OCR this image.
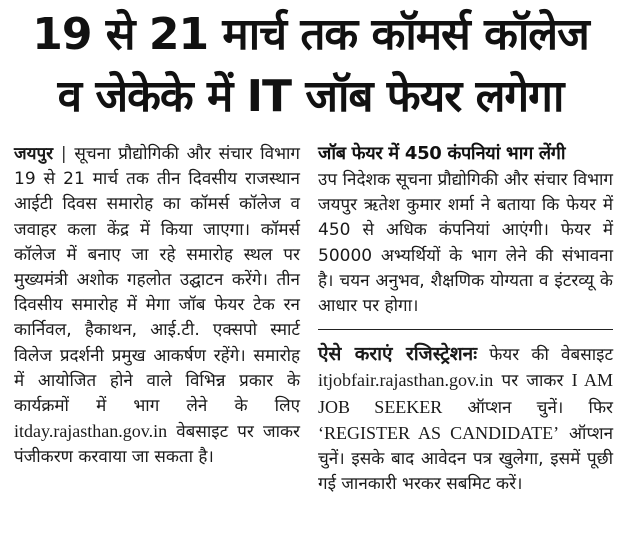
19 से 21 मार्च तक कॉमर्स कॉलेज
व जेकेके में IT जॉब फेयर लगेगा

जयपुर | सूचना प्रौद्योगिकी और संचार विभाग 19 से 21 मार्च तक तीन दिवसीय राजस्थान आईटी दिवस समारोह का कॉमर्स कॉलेज व जवाहर कला केंद्र में किया जाएगा। कॉमर्स कॉलेज में बनाए जा रहे समारोह स्थल पर मुख्यमंत्री अशोक गहलोत उद्घाटन करेंगे। तीन दिवसीय समारोह में मेगा जॉब फेयर टेक रन कार्निवल, हैकाथन, आई.टी. एक्सपो स्मार्ट विलेज प्रदर्शनी प्रमुख आकर्षण रहेंगे। समारोह में आयोजित होने वाले विभिन्न प्रकार के कार्यक्रमों में भाग लेने के लिए itday.rajasthan.gov.in वेबसाइट पर जाकर पंजीकरण करवाया जा सकता है।

जॉब फेयर में 450 कंपनियां भाग लेंगी

उप निदेशक सूचना प्रौद्योगिकी और संचार विभाग जयपुर ऋतेश कुमार शर्मा ने बताया कि फेयर में 450 से अधिक कंपनियां आएंगी। फेयर में 50000 अभ्यर्थियों के भाग लेने की संभावना है। चयन अनुभव, शैक्षणिक योग्यता व इंटरव्यू के आधार पर होगा।

ऐसे कराएं रजिस्ट्रेशनः फेयर की वेबसाइट itjobfair.rajasthan.gov.in पर जाकर I AM JOB SEEKER ऑप्शन चुनें। फिर ‘REGISTER AS CANDIDATE’ ऑप्शन चुनें। इसके बाद आवेदन पत्र खुलेगा, इसमें पूछी गई जानकारी भरकर सबमिट करें।
